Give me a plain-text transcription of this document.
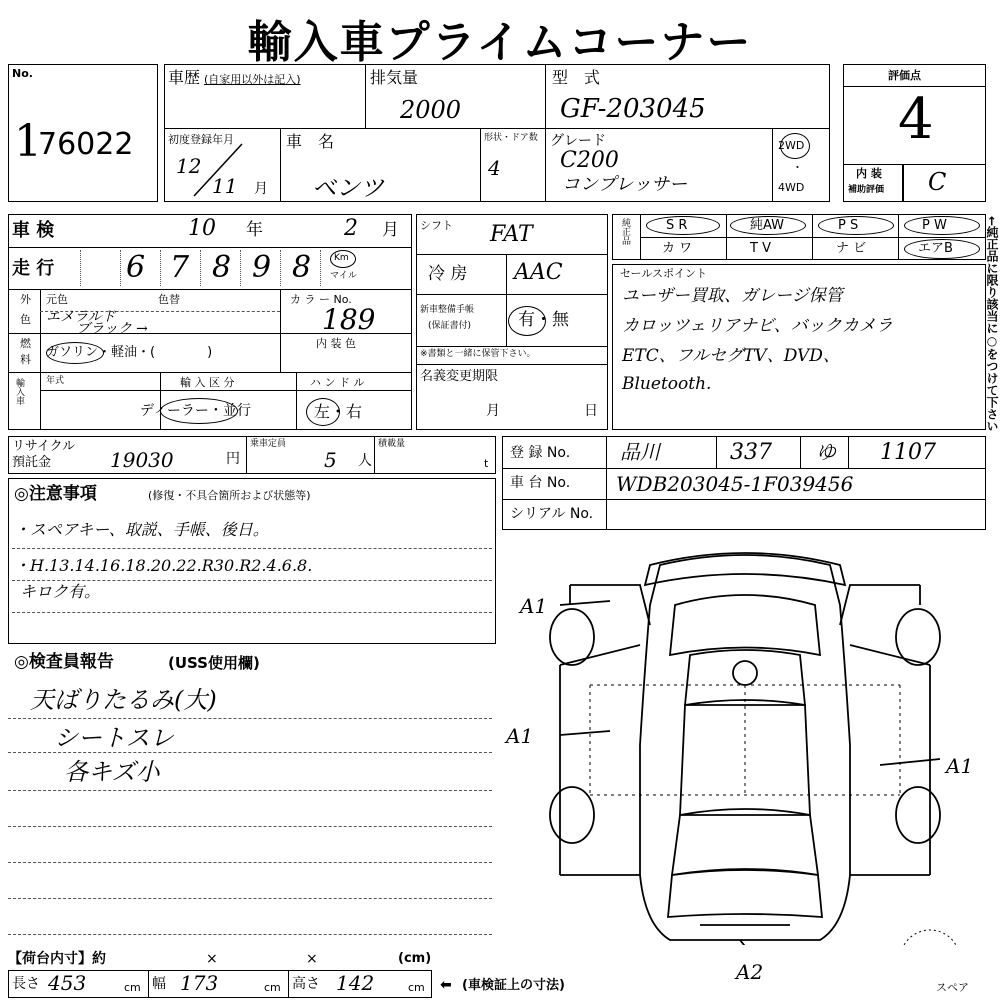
輸入車プライムコーナー
No.
1
76022
車歴 (自家用以外は記入)	排気量
2000
型　式
GF-203045
初度登録年月
12
11 月
車　名
ベンツ
形状・ドア数
4
グレード
C200
コンプレッサー
2WD
・
4WD
評価点
4
内 装
補助評価 C
車 検	10 年	2 月
走 行 6 7 8 9 8	Km
マイル
外
色
元色	色替
エメラルド
ブラック →
カ ラ ー No.
189
燃
料 ガソリン・軽油・(　　　　)
内 装 色
輸入車 年式	輸 入 区 分
ディーラー・並行
ハ ン ド ル
左・右
シフト FAT
冷 房 AAC
新車整備手帳
(保証書付)	有・無
※書類と一緒に保管下さい。
名義変更期限
月	日
純正品	S R	純AW	P S	P W
カ ワ	T V	ナ ビ	エアB
セールスポイント
ユーザー買取、ガレージ保管
カロッツェリアナビ、バックカメラ
ETC、フルセグTV、DVD、
Bluetooth.	←純正品に限り該当に○をつけて下さい
リサイクル
預託金	19030	円
乗車定員
5 人
積載量
t
登 録 No. 品川	337 ゆ 1107
車 台 No. WDB203045-1F039456
シリアル No.
◎注意事項	(修復・不具合箇所および状態等)
・スペアキー、取説、手帳、後日。
・H.13.14.16.18.20.22.R30.R2.4.6.8.
キロク有。
◎検査員報告	(USS使用欄)
天ばりたるみ(大)
シートスレ
各キズ小
A1
A1
A1
A2
スペア
【荷台内寸】約	×	×	(cm)
長さ 453	cm 幅 173	cm 高さ 142	cm ⬅ (車検証上の寸法)
